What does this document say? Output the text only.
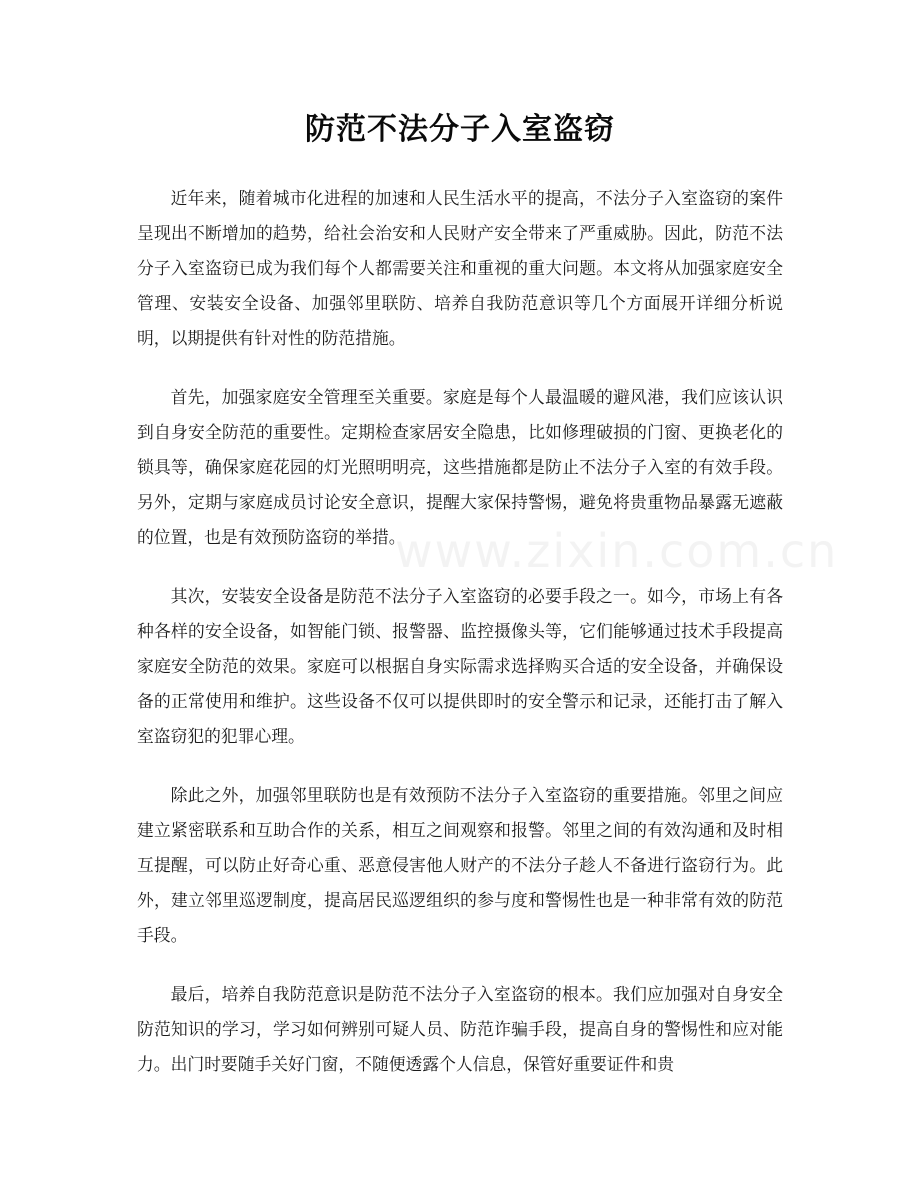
防范不法分子入室盗窃
www.zixin.com.cn

近年来，随着城市化进程的加速和人民生活水平的提高，不法分子入室盗窃的案件呈现出不断增加的趋势，给社会治安和人民财产安全带来了严重威胁。因此，防范不法分子入室盗窃已成为我们每个人都需要关注和重视的重大问题。本文将从加强家庭安全管理、安装安全设备、加强邻里联防、培养自我防范意识等几个方面展开详细分析说明，以期提供有针对性的防范措施。

首先，加强家庭安全管理至关重要。家庭是每个人最温暖的避风港，我们应该认识到自身安全防范的重要性。定期检查家居安全隐患，比如修理破损的门窗、更换老化的锁具等，确保家庭花园的灯光照明明亮，这些措施都是防止不法分子入室的有效手段。另外，定期与家庭成员讨论安全意识，提醒大家保持警惕，避免将贵重物品暴露无遮蔽的位置，也是有效预防盗窃的举措。

其次，安装安全设备是防范不法分子入室盗窃的必要手段之一。如今，市场上有各种各样的安全设备，如智能门锁、报警器、监控摄像头等，它们能够通过技术手段提高家庭安全防范的效果。家庭可以根据自身实际需求选择购买合适的安全设备，并确保设备的正常使用和维护。这些设备不仅可以提供即时的安全警示和记录，还能打击了解入室盗窃犯的犯罪心理。

除此之外，加强邻里联防也是有效预防不法分子入室盗窃的重要措施。邻里之间应建立紧密联系和互助合作的关系，相互之间观察和报警。邻里之间的有效沟通和及时相互提醒，可以防止好奇心重、恶意侵害他人财产的不法分子趁人不备进行盗窃行为。此外，建立邻里巡逻制度，提高居民巡逻组织的参与度和警惕性也是一种非常有效的防范手段。

最后，培养自我防范意识是防范不法分子入室盗窃的根本。我们应加强对自身安全防范知识的学习，学习如何辨别可疑人员、防范诈骗手段，提高自身的警惕性和应对能力。出门时要随手关好门窗，不随便透露个人信息，保管好重要证件和贵
